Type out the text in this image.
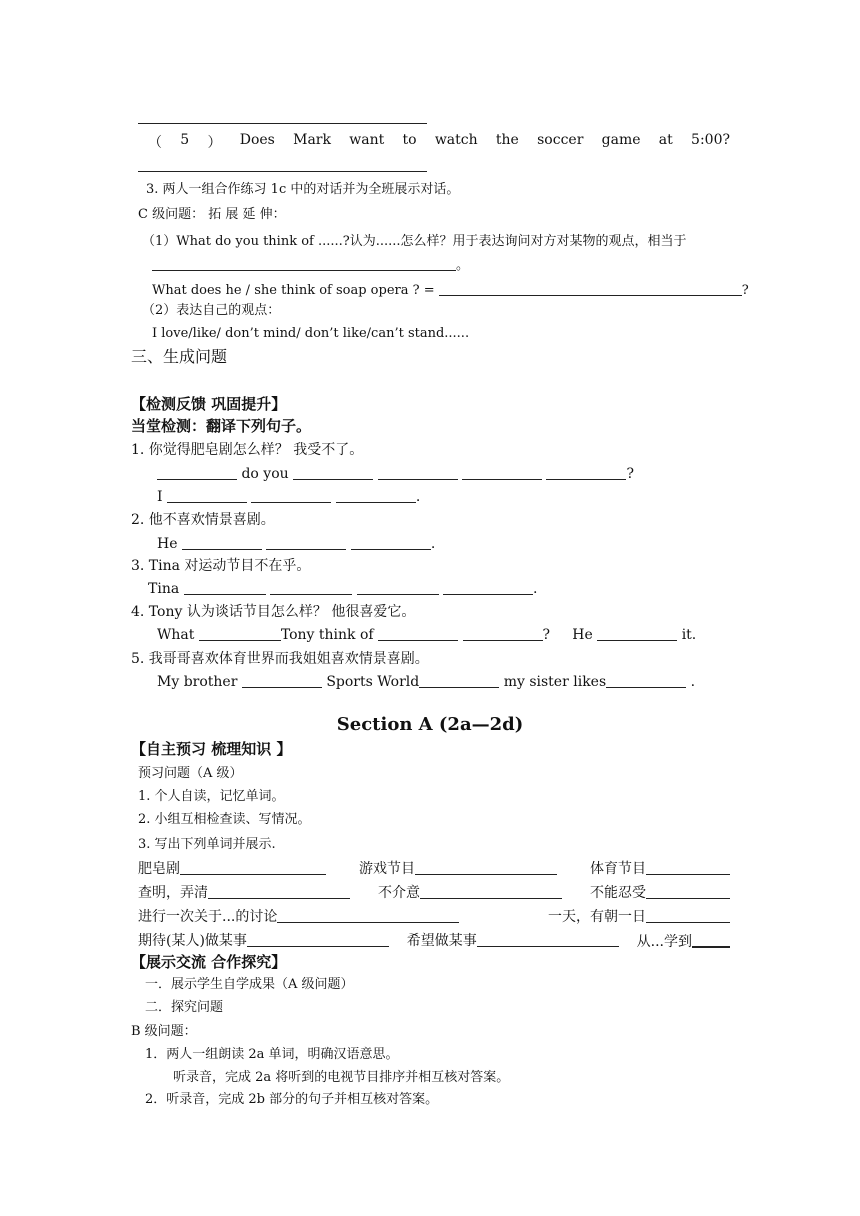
（ 5 ） Does Mark want to watch the soccer game at 5:00?
3. 两人一组合作练习 1c 中的对话并为全班展示对话。
C 级问题： 拓 展 延 伸：
（1）What do you think of ......?认为......怎么样？用于表达询问对方对某物的观点，相当于
。
What does he / she think of soap opera ? =	?
（2）表达自己的观点：
I love/like/ don’t mind/ don’t like/can’t stand......
三、生成问题
【检测反馈 巩固提升】
当堂检测：翻译下列句子。
1. 你觉得肥皂剧怎么样？ 我受不了。
do you	?
I	.
2. 他不喜欢情景喜剧。
He	.
3. Tina 对运动节目不在乎。
Tina	.
4. Tony 认为谈话节目怎么样？ 他很喜爱它。
What	Tony think of	? He	it.
5. 我哥哥喜欢体育世界而我姐姐喜欢情景喜剧。
My brother	Sports World	my sister likes	.
Section A (2a—2d)
【自主预习 梳理知识 】
预习问题（A 级）
1. 个人自读，记忆单词。
2. 小组互相检查读、写情况。
3. 写出下列单词并展示.
肥皂剧	游戏节目	体育节目
查明，弄清	不介意	不能忍受
进行一次关于...的讨论	一天，有朝一日
期待(某人)做某事	希望做某事	从...学到
【展示交流 合作探究】
一．展示学生自学成果（A 级问题）
二．探究问题
B 级问题：
1．两人一组朗读 2a 单词，明确汉语意思。
听录音，完成 2a 将听到的电视节目排序并相互核对答案。
2．听录音，完成 2b 部分的句子并相互核对答案。
